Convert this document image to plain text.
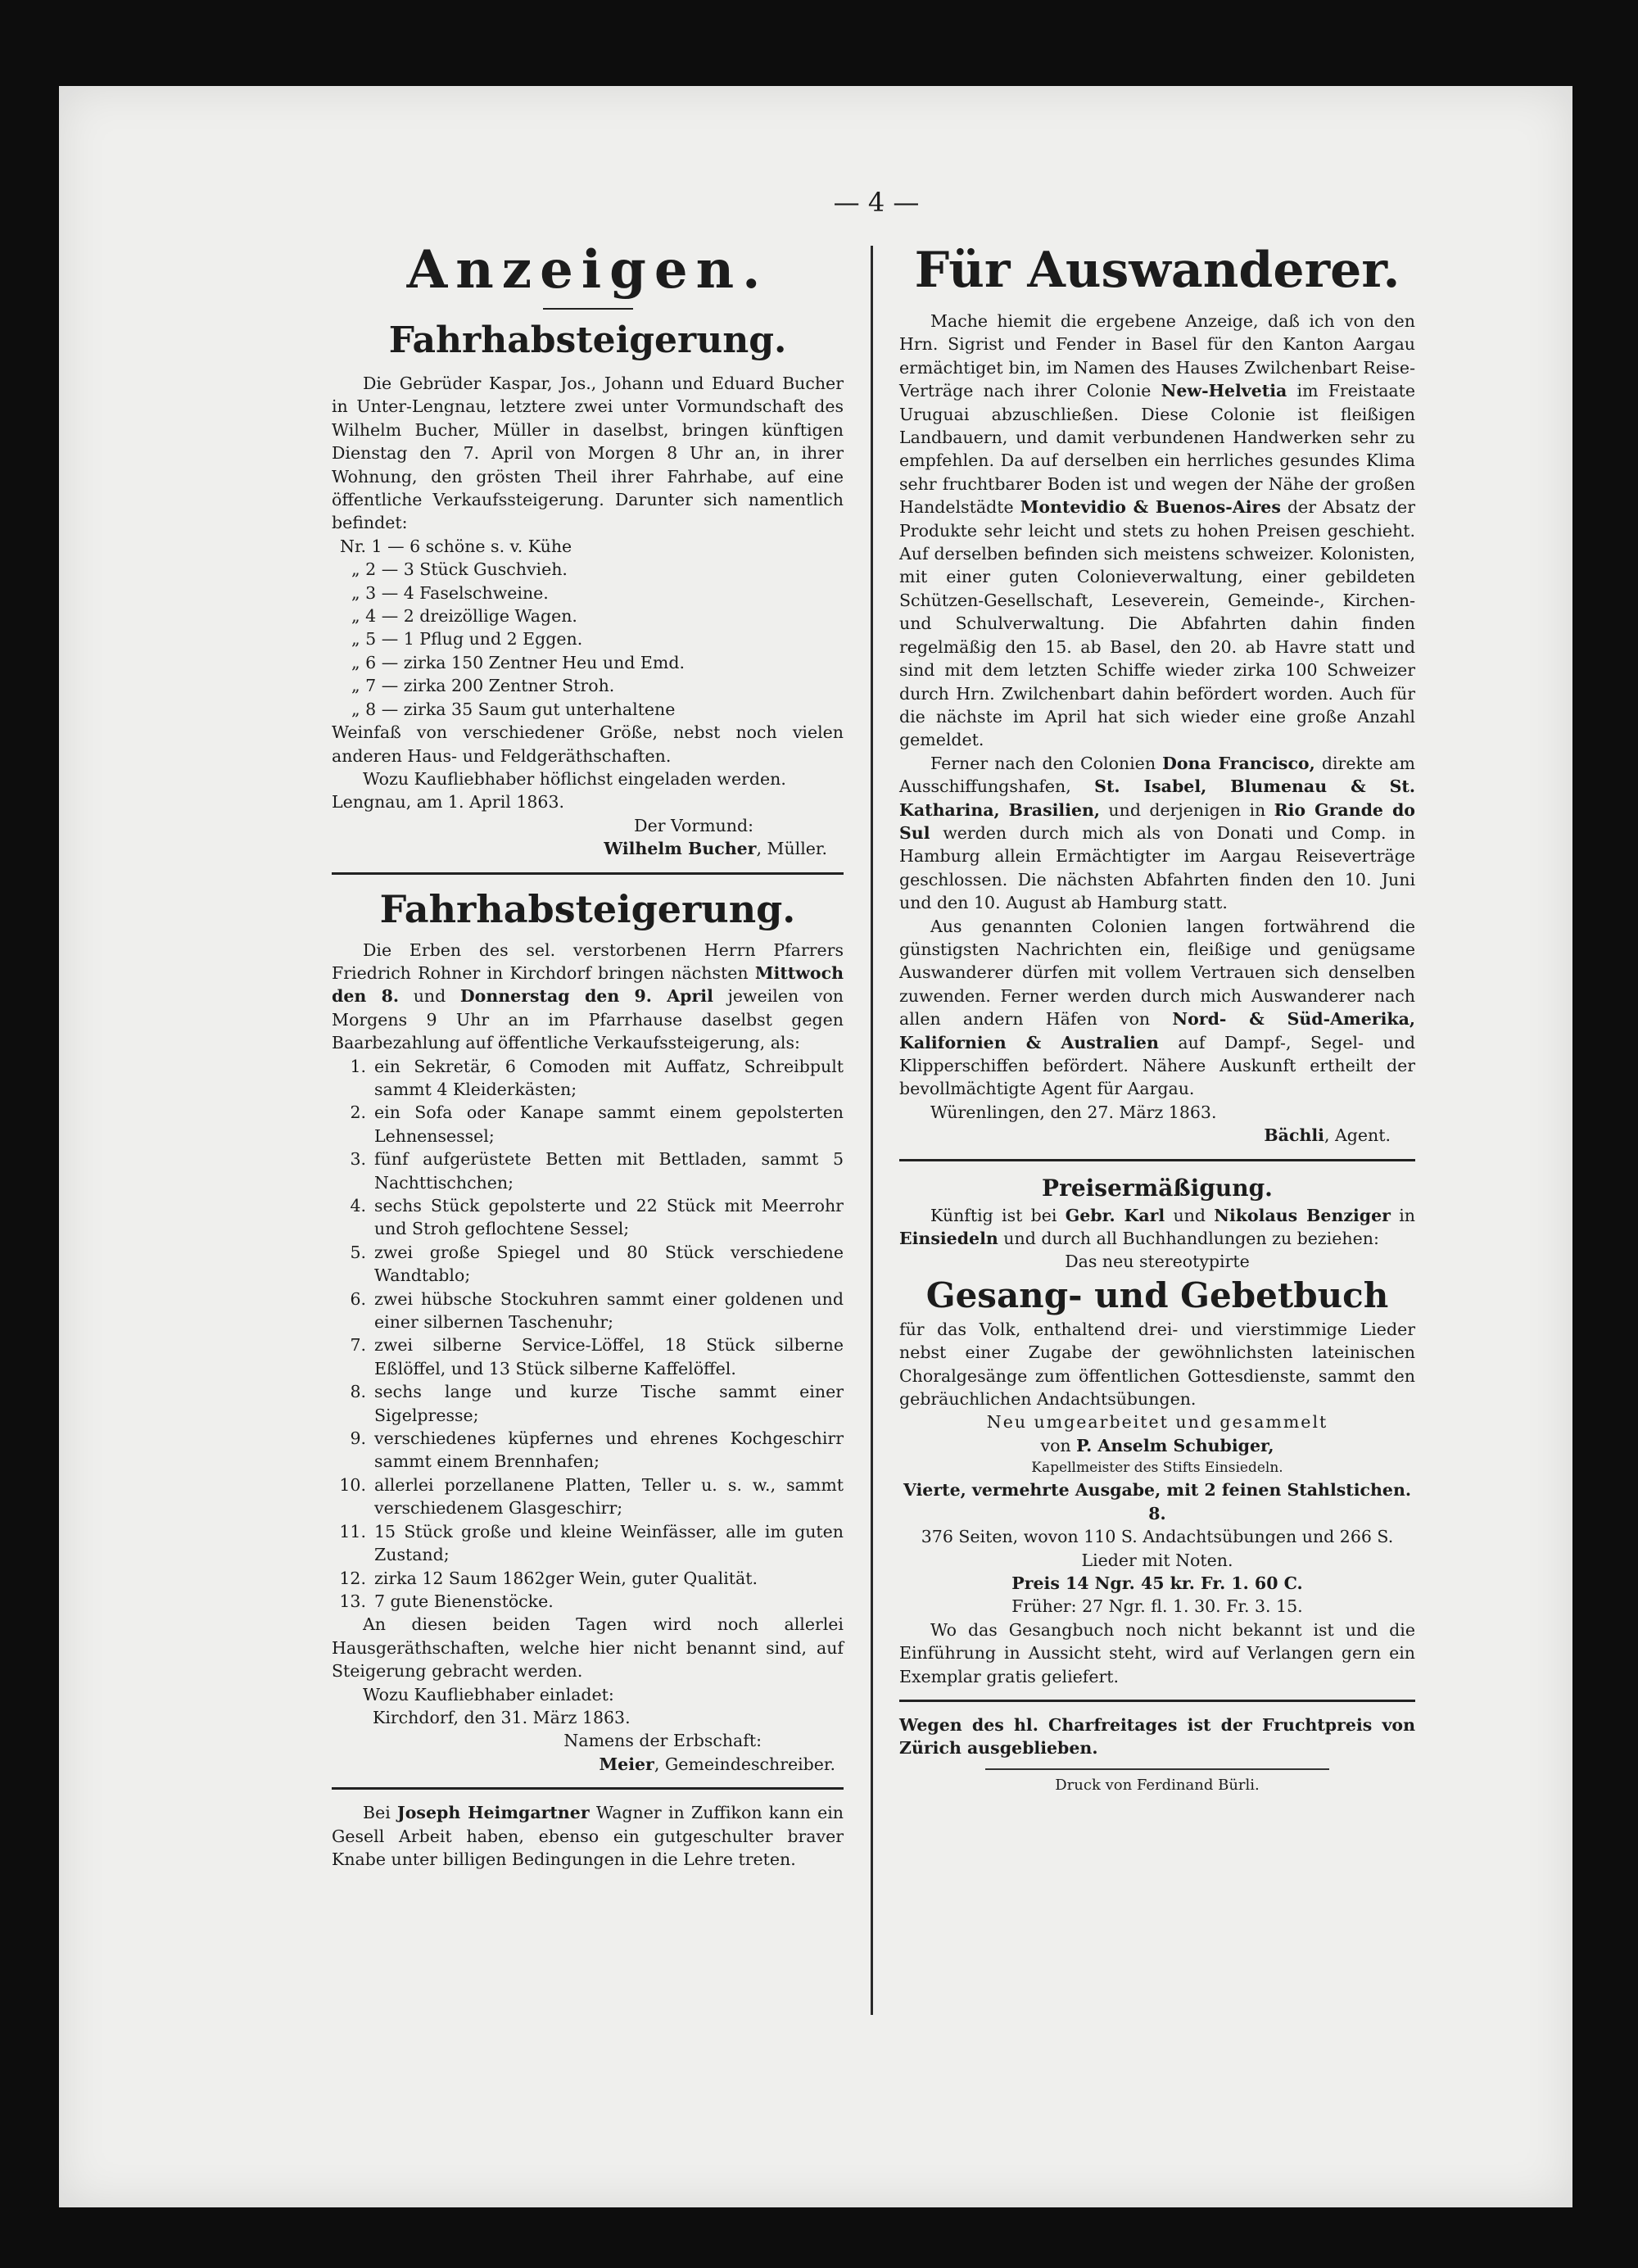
— 4 —
Anzeigen.
Fahrhabsteigerung.

Die Gebrüder Kaspar, Jos., Johann und Eduard Bucher in Unter-Lengnau, letztere zwei unter Vormundschaft des Wilhelm Bucher, Müller in daselbst, bringen künftigen Dienstag den 7. April von Morgen 8 Uhr an, in ihrer Wohnung, den grösten Theil ihrer Fahrhabe, auf eine öffentliche Verkaufssteigerung. Darunter sich namentlich befindet:

Nr. 1 — 6 schöne s. v. Kühe
„ 2 — 3 Stück Guschvieh.
„ 3 — 4 Faselschweine.
„ 4 — 2 dreizöllige Wagen.
„ 5 — 1 Pflug und 2 Eggen.
„ 6 — zirka 150 Zentner Heu und Emd.
„ 7 — zirka 200 Zentner Stroh.
„ 8 — zirka 35 Saum gut unterhaltene

Weinfaß von verschiedener Größe, nebst noch vielen anderen Haus- und Feldgeräthschaften.

Wozu Kaufliebhaber höflichst eingeladen werden.

Lengnau, am 1. April 1863.

Der Vormund:

Wilhelm Bucher, Müller.

Fahrhabsteigerung.

Die Erben des sel. verstorbenen Herrn Pfarrers Friedrich Rohner in Kirchdorf bringen nächsten Mittwoch den 8. und Donnerstag den 9. April jeweilen von Morgens 9 Uhr an im Pfarrhause daselbst gegen Baarbezahlung auf öffentliche Verkaufssteigerung, als:

1. ein Sekretär, 6 Comoden mit Auffatz, Schreibpult sammt 4 Kleiderkästen;
2. ein Sofa oder Kanape sammt einem gepolsterten Lehnensessel;
3. fünf aufgerüstete Betten mit Bettladen, sammt 5 Nachttischchen;
4. sechs Stück gepolsterte und 22 Stück mit Meerrohr und Stroh geflochtene Sessel;
5. zwei große Spiegel und 80 Stück verschiedene Wandtablo;
6. zwei hübsche Stockuhren sammt einer goldenen und einer silbernen Taschenuhr;
7. zwei silberne Service-Löffel, 18 Stück silberne Eßlöffel, und 13 Stück silberne Kaffelöffel.
8. sechs lange und kurze Tische sammt einer Sigelpresse;
9. verschiedenes küpfernes und ehrenes Kochgeschirr sammt einem Brennhafen;
10. allerlei porzellanene Platten, Teller u. s. w., sammt verschiedenem Glasgeschirr;
11. 15 Stück große und kleine Weinfässer, alle im guten Zustand;
12. zirka 12 Saum 1862ger Wein, guter Qualität.
13. 7 gute Bienenstöcke.

An diesen beiden Tagen wird noch allerlei Hausgeräthschaften, welche hier nicht benannt sind, auf Steigerung gebracht werden.

Wozu Kaufliebhaber einladet:

Kirchdorf, den 31. März 1863.

Namens der Erbschaft:

Meier, Gemeindeschreiber.

Bei Joseph Heimgartner Wagner in Zuffikon kann ein Gesell Arbeit haben, ebenso ein gutgeschulter braver Knabe unter billigen Bedingungen in die Lehre treten.

Für Auswanderer.

Mache hiemit die ergebene Anzeige, daß ich von den Hrn. Sigrist und Fender in Basel für den Kanton Aargau ermächtiget bin, im Namen des Hauses Zwilchenbart Reise-Verträge nach ihrer Colonie New-Helvetia im Freistaate Uruguai abzuschließen. Diese Colonie ist fleißigen Landbauern, und damit verbundenen Handwerken sehr zu empfehlen. Da auf derselben ein herrliches gesundes Klima sehr fruchtbarer Boden ist und wegen der Nähe der großen Handelstädte Montevidio & Buenos-Aires der Absatz der Produkte sehr leicht und stets zu hohen Preisen geschieht. Auf derselben befinden sich meistens schweizer. Kolonisten, mit einer guten Colonieverwaltung, einer gebildeten Schützen-Gesellschaft, Leseverein, Gemeinde-, Kirchen- und Schulverwaltung. Die Abfahrten dahin finden regelmäßig den 15. ab Basel, den 20. ab Havre statt und sind mit dem letzten Schiffe wieder zirka 100 Schweizer durch Hrn. Zwilchenbart dahin befördert worden. Auch für die nächste im April hat sich wieder eine große Anzahl gemeldet.

Ferner nach den Colonien Dona Francisco, direkte am Ausschiffungshafen, St. Isabel, Blumenau & St. Katharina, Brasilien, und derjenigen in Rio Grande do Sul werden durch mich als von Donati und Comp. in Hamburg allein Ermächtigter im Aargau Reiseverträge geschlossen. Die nächsten Abfahrten finden den 10. Juni und den 10. August ab Hamburg statt.

Aus genannten Colonien langen fortwährend die günstigsten Nachrichten ein, fleißige und genügsame Auswanderer dürfen mit vollem Vertrauen sich denselben zuwenden. Ferner werden durch mich Auswanderer nach allen andern Häfen von Nord- & Süd-Amerika, Kalifornien & Australien auf Dampf-, Segel- und Klipperschiffen befördert. Nähere Auskunft ertheilt der bevollmächtigte Agent für Aargau.

Würenlingen, den 27. März 1863.

Bächli, Agent.

Preisermäßigung.

Künftig ist bei Gebr. Karl und Nikolaus Benziger in Einsiedeln und durch all Buchhandlungen zu beziehen:

Das neu stereotypirte

Gesang- und Gebetbuch

für das Volk, enthaltend drei- und vierstimmige Lieder nebst einer Zugabe der gewöhnlichsten lateinischen Choralgesänge zum öffentlichen Gottesdienste, sammt den gebräuchlichen Andachtsübungen.

Neu umgearbeitet und gesammelt

von P. Anselm Schubiger,

Kapellmeister des Stifts Einsiedeln.

Vierte, vermehrte Ausgabe, mit 2 feinen Stahlstichen. 8.

376 Seiten, wovon 110 S. Andachtsübungen und 266 S. Lieder mit Noten.

Preis 14 Ngr. 45 kr. Fr. 1. 60 C.

Früher: 27 Ngr. fl. 1. 30. Fr. 3. 15.

Wo das Gesangbuch noch nicht bekannt ist und die Einführung in Aussicht steht, wird auf Verlangen gern ein Exemplar gratis geliefert.

Wegen des hl. Charfreitages ist der Fruchtpreis von Zürich ausgeblieben.

Druck von Ferdinand Bürli.
